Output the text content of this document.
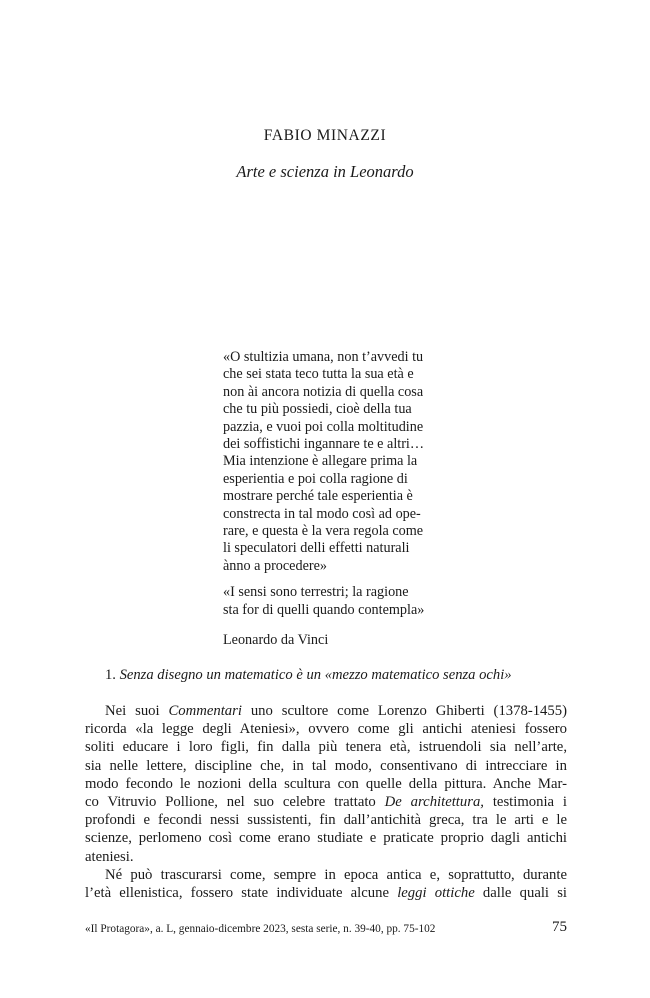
FABIO MINAZZI
Arte e scienza in Leonardo

«O stultizia umana, non t’avvedi tu

che sei stata teco tutta la sua età e

non ài ancora notizia di quella cosa

che tu più possiedi, cioè della tua

pazzia, e vuoi poi colla moltitudine

dei soffistichi ingannare te e altri…

Mia intenzione è allegare prima la

esperientia e poi colla ragione di

mostrare perché tale esperientia è

constrecta in tal modo così ad ope-

rare, e questa è la vera regola come

li speculatori delli effetti naturali

ànno a procedere»

«I sensi sono terrestri; la ragione

sta for di quelli quando contempla»

Leonardo da Vinci

1. Senza disegno un matematico è un «mezzo matematico senza ochi»
Nei suoi Commentari uno scultore come Lorenzo Ghiberti (1378-1455)
ricorda «la legge degli Ateniesi», ovvero come gli antichi ateniesi fossero
soliti educare i loro figli, fin dalla più tenera età, istruendoli sia nell’arte,
sia nelle lettere, discipline che, in tal modo, consentivano di intrecciare in
modo fecondo le nozioni della scultura con quelle della pittura. Anche Mar-
co Vitruvio Pollione, nel suo celebre trattato De architettura, testimonia i
profondi e fecondi nessi sussistenti, fin dall’antichità greca, tra le arti e le
scienze, perlomeno così come erano studiate e praticate proprio dagli antichi
ateniesi.
Né può trascurarsi come, sempre in epoca antica e, soprattutto, durante
l’età ellenistica, fossero state individuate alcune leggi ottiche dalle quali si

«Il Protagora», a. L, gennaio-dicembre 2023, sesta serie, n. 39-40, pp. 75-102	75
